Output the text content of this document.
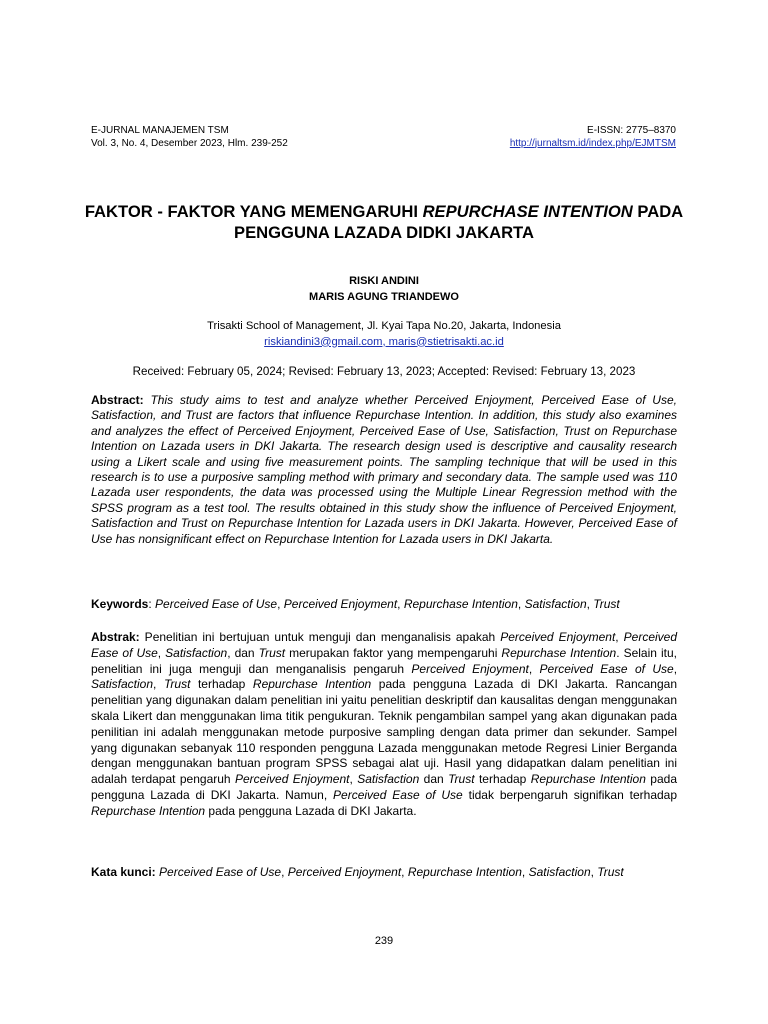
E-JURNAL MANAJEMEN TSM
Vol. 3, No. 4, Desember 2023, Hlm. 239-252
E-ISSN: 2775–8370
http://jurnaltsm.id/index.php/EJMTSM
FAKTOR - FAKTOR YANG MEMENGARUHI REPURCHASE INTENTION PADA PENGGUNA LAZADA DIDKI JAKARTA
RISKI ANDINI
MARIS AGUNG TRIANDEWO
Trisakti School of Management, Jl. Kyai Tapa No.20, Jakarta, Indonesia
riskiandini3@gmail.com, maris@stietrisakti.ac.id
Received: February 05, 2024; Revised: February 13, 2023; Accepted: Revised: February 13, 2023
Abstract: This study aims to test and analyze whether Perceived Enjoyment, Perceived Ease of Use, Satisfaction, and Trust are factors that influence Repurchase Intention. In addition, this study also examines and analyzes the effect of Perceived Enjoyment, Perceived Ease of Use, Satisfaction, Trust on Repurchase Intention on Lazada users in DKI Jakarta. The research design used is descriptive and causality research using a Likert scale and using five measurement points. The sampling technique that will be used in this research is to use a purposive sampling method with primary and secondary data. The sample used was 110 Lazada user respondents, the data was processed using the Multiple Linear Regression method with the SPSS program as a test tool. The results obtained in this study show the influence of Perceived Enjoyment, Satisfaction and Trust on Repurchase Intention for Lazada users in DKI Jakarta. However, Perceived Ease of Use has nonsignificant effect on Repurchase Intention for Lazada users in DKI Jakarta.
Keywords: Perceived Ease of Use, Perceived Enjoyment, Repurchase Intention, Satisfaction, Trust
Abstrak: Penelitian ini bertujuan untuk menguji dan menganalisis apakah Perceived Enjoyment, Perceived Ease of Use, Satisfaction, dan Trust merupakan faktor yang mempengaruhi Repurchase Intention. Selain itu, penelitian ini juga menguji dan menganalisis pengaruh Perceived Enjoyment, Perceived Ease of Use, Satisfaction, Trust terhadap Repurchase Intention pada pengguna Lazada di DKI Jakarta. Rancangan penelitian yang digunakan dalam penelitian ini yaitu penelitian deskriptif dan kausalitas dengan menggunakan skala Likert dan menggunakan lima titik pengukuran. Teknik pengambilan sampel yang akan digunakan pada penilitian ini adalah menggunakan metode purposive sampling dengan data primer dan sekunder. Sampel yang digunakan sebanyak 110 responden pengguna Lazada menggunakan metode Regresi Linier Berganda dengan menggunakan bantuan program SPSS sebagai alat uji. Hasil yang didapatkan dalam penelitian ini adalah terdapat pengaruh Perceived Enjoyment, Satisfaction dan Trust terhadap Repurchase Intention pada pengguna Lazada di DKI Jakarta. Namun, Perceived Ease of Use tidak berpengaruh signifikan terhadap Repurchase Intention pada pengguna Lazada di DKI Jakarta.
Kata kunci: Perceived Ease of Use, Perceived Enjoyment, Repurchase Intention, Satisfaction, Trust
239
